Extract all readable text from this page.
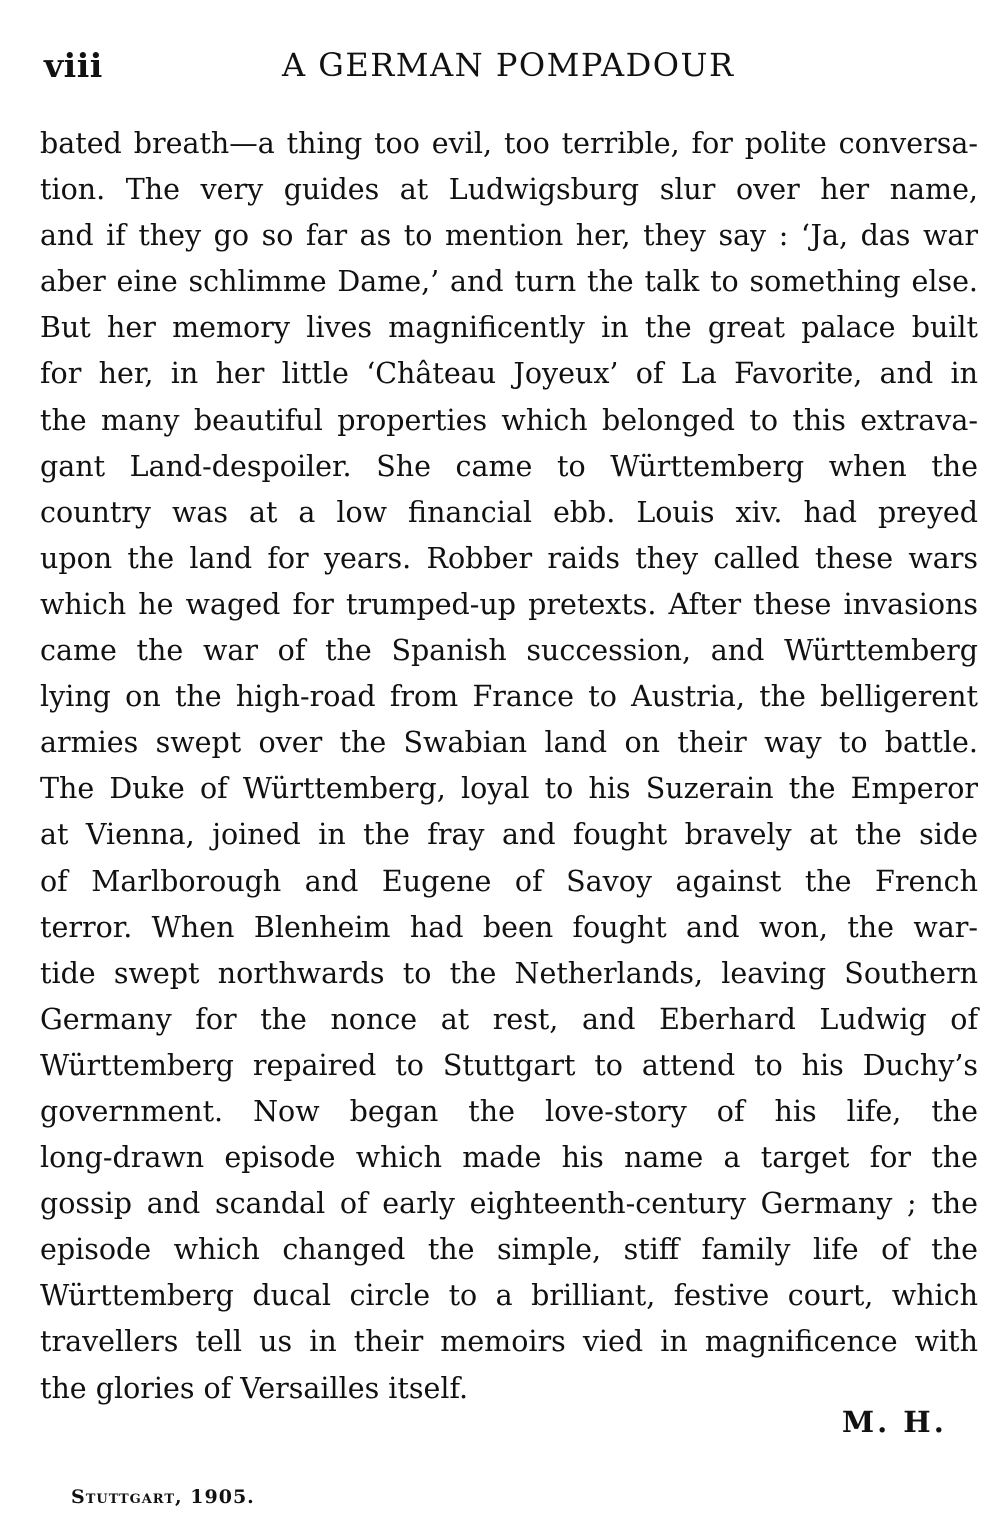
viii	A GERMAN POMPADOUR
bated breath—a thing too evil, too terrible, for polite conversa-
tion. The very guides at Ludwigsburg slur over her name,
and if they go so far as to mention her, they say : ‘Ja, das war
aber eine schlimme Dame,’ and turn the talk to something else.
But her memory lives magnificently in the great palace built
for her, in her little ‘Château Joyeux’ of La Favorite, and in
the many beautiful properties which belonged to this extrava-
gant Land-despoiler. She came to Württemberg when the
country was at a low financial ebb. Louis xiv. had preyed
upon the land for years. Robber raids they called these wars
which he waged for trumped-up pretexts. After these invasions
came the war of the Spanish succession, and Württemberg
lying on the high-road from France to Austria, the belligerent
armies swept over the Swabian land on their way to battle.
The Duke of Württemberg, loyal to his Suzerain the Emperor
at Vienna, joined in the fray and fought bravely at the side
of Marlborough and Eugene of Savoy against the French
terror. When Blenheim had been fought and won, the war-
tide swept northwards to the Netherlands, leaving Southern
Germany for the nonce at rest, and Eberhard Ludwig of
Württemberg repaired to Stuttgart to attend to his Duchy’s
government. Now began the love-story of his life, the
long-drawn episode which made his name a target for the
gossip and scandal of early eighteenth-century Germany ; the
episode which changed the simple, stiff family life of the
Württemberg ducal circle to a brilliant, festive court, which
travellers tell us in their memoirs vied in magnificence with
the glories of Versailles itself.
M. H.
Stuttgart, 1905.
